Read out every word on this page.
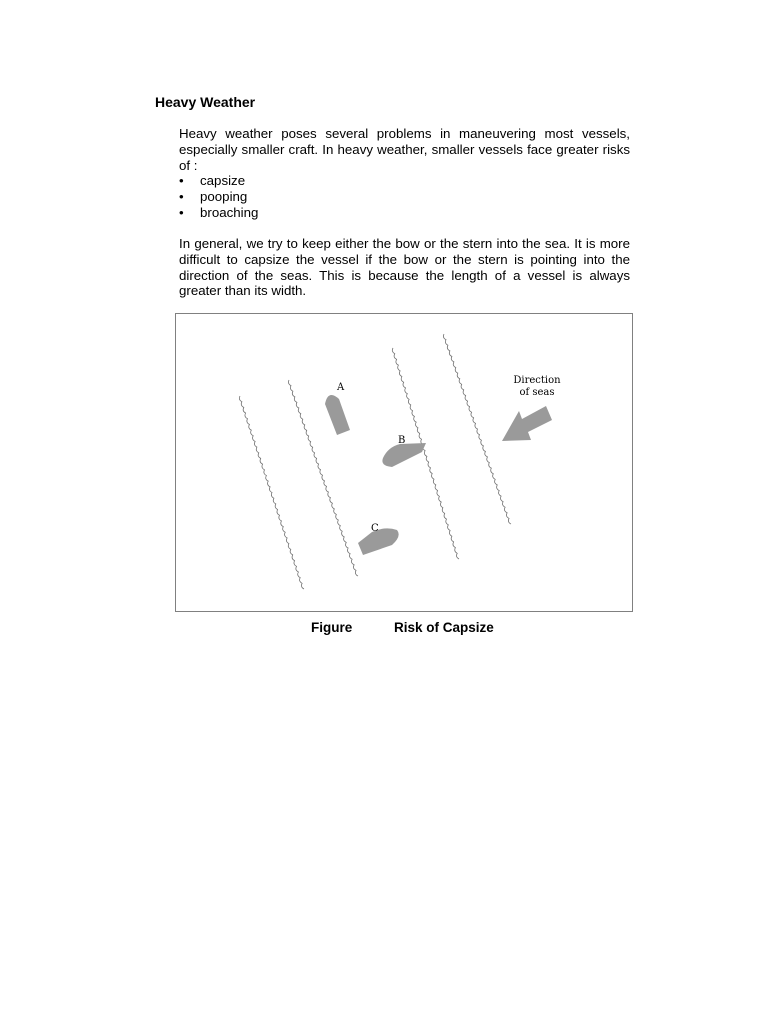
Heavy Weather

Heavy weather poses several problems in maneuvering most vessels, especially smaller craft. In heavy weather, smaller vessels face greater risks of :

• capsize
• pooping
• broaching

In general, we try to keep either the bow or the stern into the sea. It is more difficult to capsize the vessel if the bow or the stern is pointing into the direction of the seas. This is because the length of a vessel is always greater than its width.

A
B
C
Direction
of seas
Figure	Risk of Capsize
